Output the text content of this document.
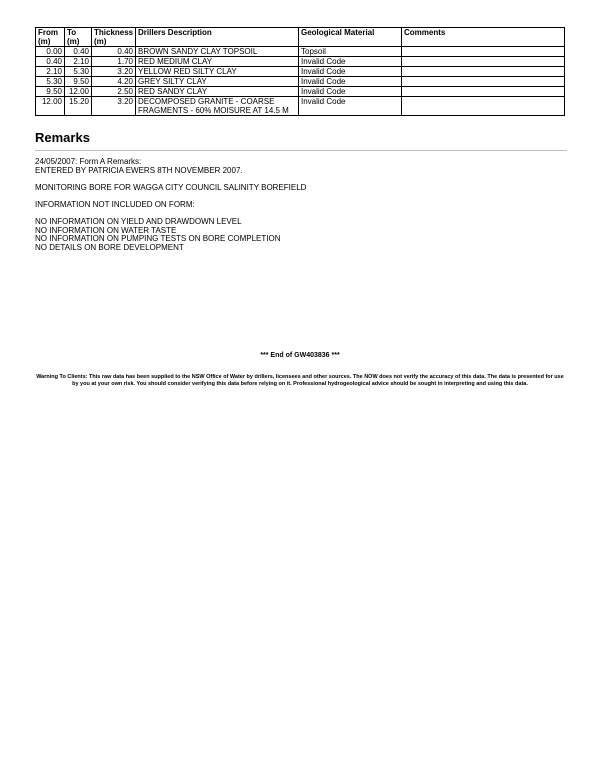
From (m)	To (m)	Thickness (m)	Drillers Description	Geological Material	Comments
0.00	0.40	0.40	BROWN SANDY CLAY TOPSOIL	Topsoil	
0.40	2.10	1.70	RED MEDIUM CLAY	Invalid Code	
2.10	5.30	3.20	YELLOW RED SILTY CLAY	Invalid Code	
5.30	9.50	4.20	GREY SILTY CLAY	Invalid Code	
9.50	12.00	2.50	RED SANDY CLAY	Invalid Code	
12.00	15.20	3.20	DECOMPOSED GRANITE - COARSE FRAGMENTS - 60% MOISURE AT 14.5 M	Invalid Code	
Remarks

24/05/2007: Form A Remarks:

ENTERED BY PATRICIA EWERS 8TH NOVEMBER 2007.

MONITORING BORE FOR WAGGA CITY COUNCIL SALINITY BOREFIELD

INFORMATION NOT INCLUDED ON FORM:

NO INFORMATION ON YIELD AND DRAWDOWN LEVEL

NO INFORMATION ON WATER TASTE

NO INFORMATION ON PUMPING TESTS ON BORE COMPLETION

NO DETAILS ON BORE DEVELOPMENT

*** End of GW403836 ***
Warning To Clients: This raw data has been supplied to the NSW Office of Water by drillers, licensees and other sources. The NOW does not verify the accuracy of this data. The data is presented for use by you at your own risk. You should consider verifying this data before relying on it. Professional hydrogeological advice should be sought in interpreting and using this data.
